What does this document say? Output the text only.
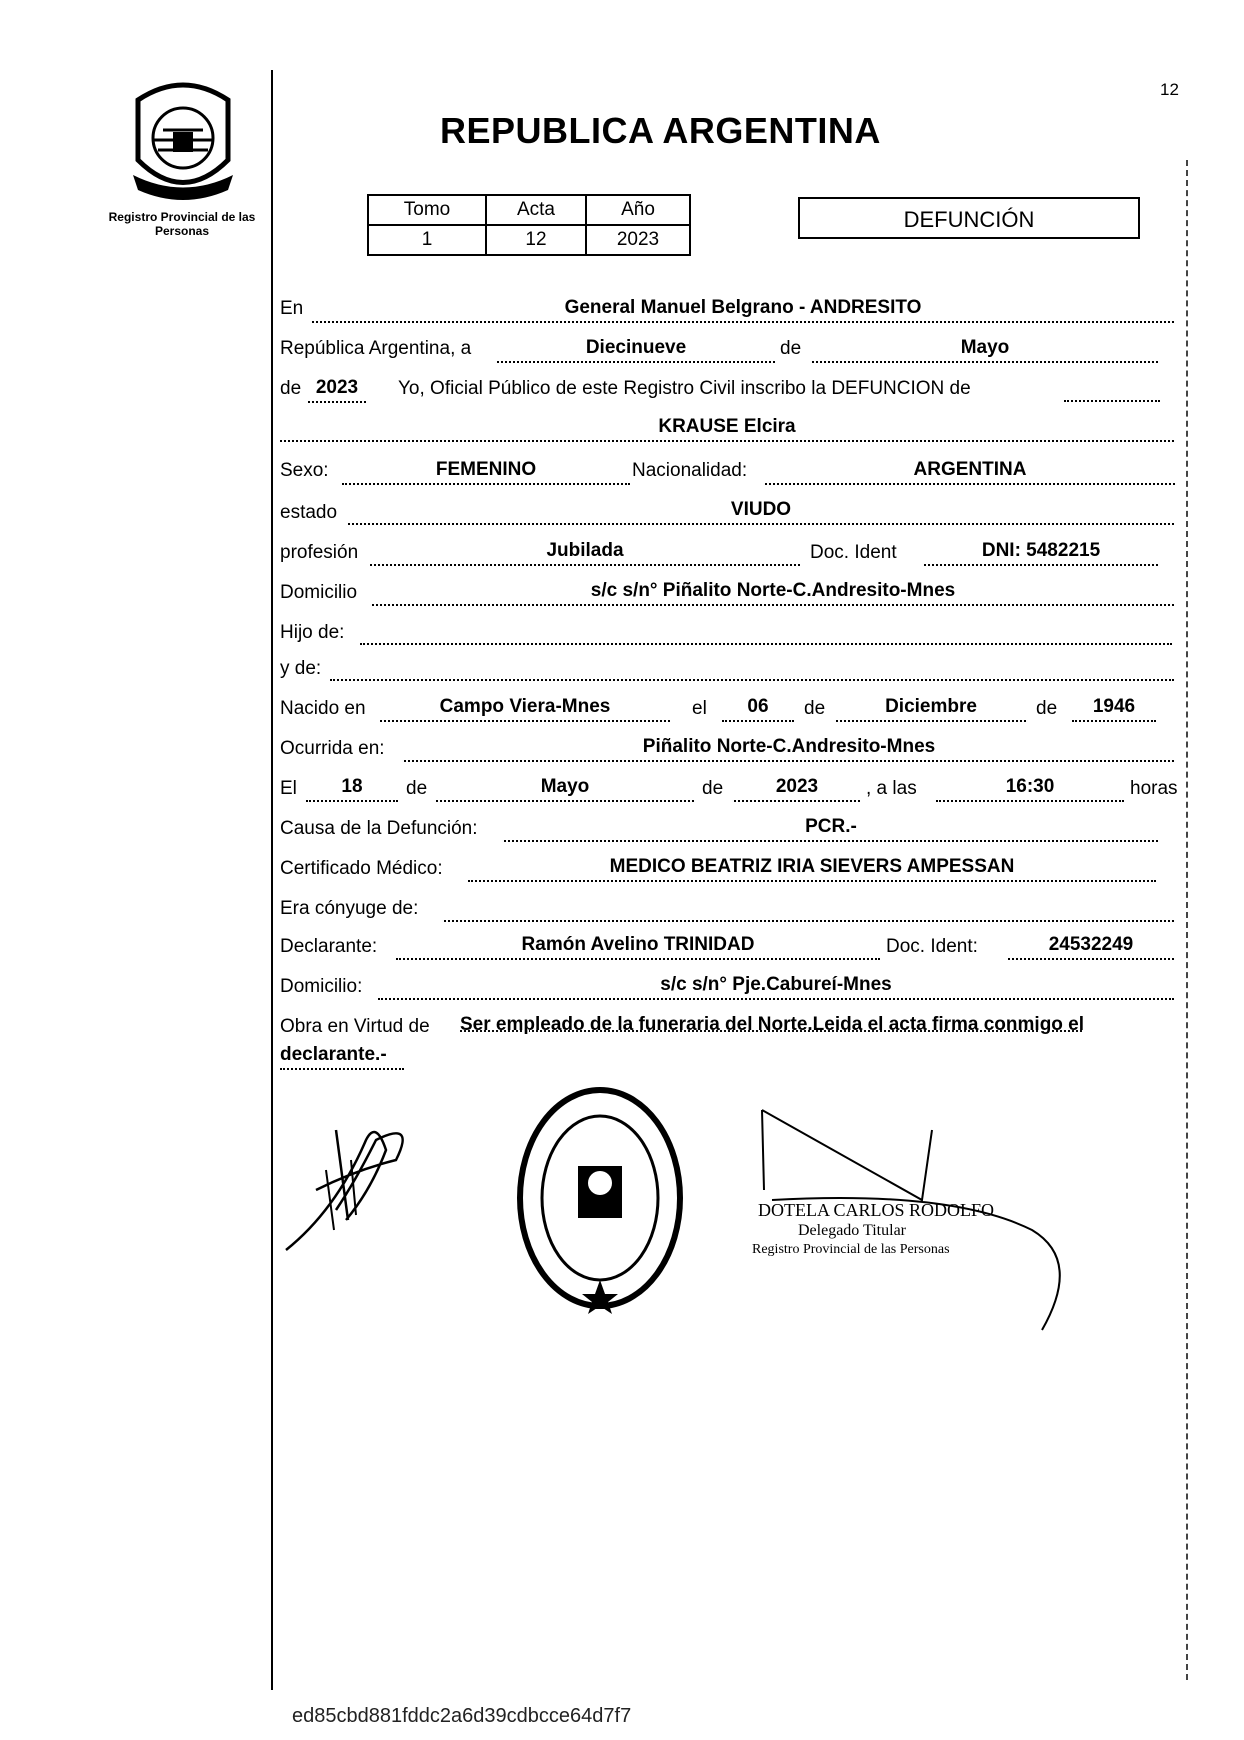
Registro Provincial de las Personas
12
REPUBLICA ARGENTINA
Tomo	Acta	Año
1	12	2023
DEFUNCIÓN
En	General Manuel Belgrano - ANDRESITO
República Argentina, a	Diecinueve	de	Mayo
de 2023	Yo, Oficial Público de este Registro Civil inscribo la DEFUNCION de
KRAUSE Elcira
Sexo:	FEMENINO	Nacionalidad:	ARGENTINA
estado	VIUDO
profesión	Jubilada	Doc. Ident	DNI: 5482215
Domicilio	s/c s/n° Piñalito Norte-C.Andresito-Mnes
Hijo de:
y de:
Nacido en	Campo Viera-Mnes	el	06	de	Diciembre	de	1946
Ocurrida en:	Piñalito Norte-C.Andresito-Mnes
El	18	de	Mayo	de	2023	, a las	16:30	horas
Causa de la Defunción:	PCR.-
Certificado Médico:	MEDICO BEATRIZ IRIA SIEVERS AMPESSAN
Era cónyuge de:
Declarante:	Ramón Avelino TRINIDAD	Doc. Ident:	24532249
Domicilio:	s/c s/n° Pje.Cabureí-Mnes
Obra en Virtud de Ser empleado de la funeraria del Norte.Leida el acta firma conmigo el
declarante.-
DOTELA CARLOS RODOLFO
Delegado Titular
Registro Provincial de las Personas
ed85cbd881fddc2a6d39cdbcce64d7f7
